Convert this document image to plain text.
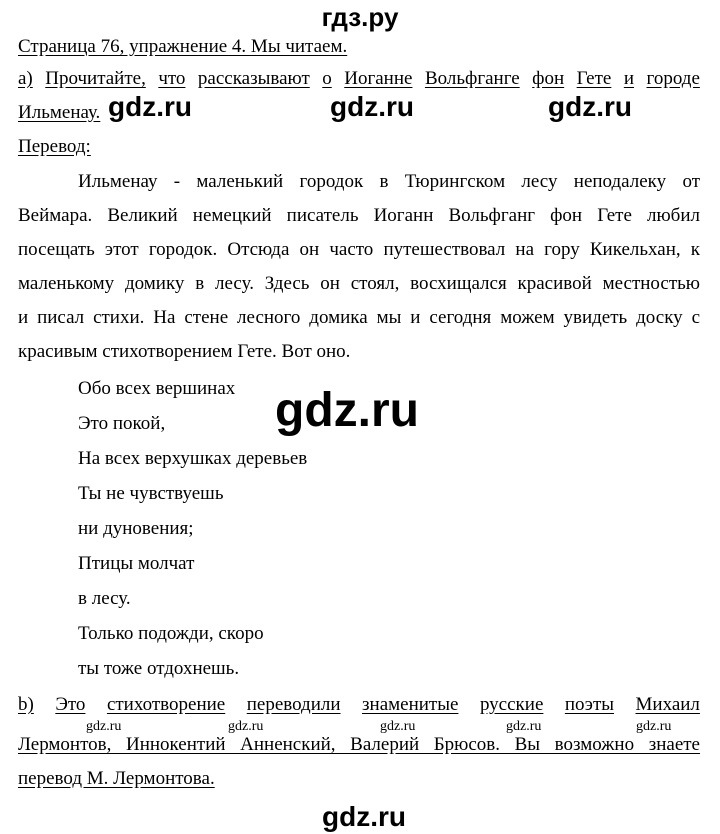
гдз.ру
Страница 76, упражнение 4. Мы читаем.
а) Прочитайте, что рассказывают о Иоганне Вольфганге фон Гете и городе
Ильменау.
Перевод:
Ильменау - маленький городок в Тюрингском лесу неподалеку от
Веймара. Великий немецкий писатель Иоганн Вольфганг фон Гете любил
посещать этот городок. Отсюда он часто путешествовал на гору Кикельхан, к
маленькому домику в лесу. Здесь он стоял, восхищался красивой местностью
и писал стихи. На стене лесного домика мы и сегодня можем увидеть доску с
красивым стихотворением Гете. Вот оно.
Обо всех вершинах
Это покой,
На всех верхушках деревьев
Ты не чувствуешь
ни дуновения;
Птицы молчат
в лесу.
Только подожди, скоро
ты тоже отдохнешь.
b) Это стихотворение переводили знаменитые русские поэты Михаил
Лермонтов, Иннокентий Анненский, Валерий Брюсов. Вы возможно знаете
перевод М. Лермонтова.
gdz.ru	gdz.ru	gdz.ru
gdz.ru
gdz.ru	gdz.ru	gdz.ru	gdz.ru	gdz.ru
gdz.ru
